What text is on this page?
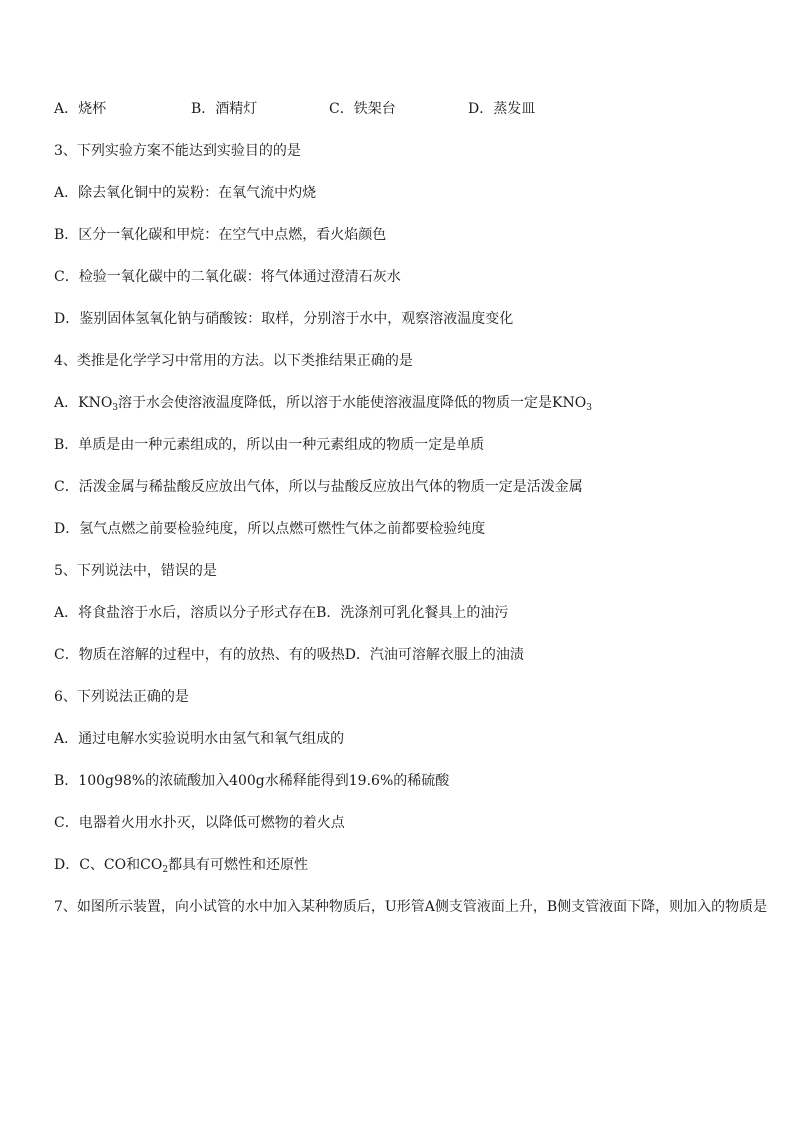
A．烧杯	B．酒精灯	C．铁架台	D．蒸发皿
3、下列实验方案不能达到实验目的的是
A．除去氧化铜中的炭粉：在氧气流中灼烧
B．区分一氧化碳和甲烷：在空气中点燃，看火焰颜色
C．检验一氧化碳中的二氧化碳：将气体通过澄清石灰水
D．鉴别固体氢氧化钠与硝酸铵：取样，分别溶于水中，观察溶液温度变化
4、类推是化学学习中常用的方法。以下类推结果正确的是
A．$KNO_3$溶于水会使溶液温度降低，所以溶于水能使溶液温度降低的物质一定是$KNO_3$
B．单质是由一种元素组成的，所以由一种元素组成的物质一定是单质
C．活泼金属与稀盐酸反应放出气体，所以与盐酸反应放出气体的物质一定是活泼金属
D．氢气点燃之前要检验纯度，所以点燃可燃性气体之前都要检验纯度
5、下列说法中，错误的是
A．将食盐溶于水后，溶质以分子形式存在B．洗涤剂可乳化餐具上的油污
C．物质在溶解的过程中，有的放热、有的吸热D．汽油可溶解衣服上的油渍
6、下列说法正确的是
A．通过电解水实验说明水由氢气和氧气组成的
B．100g98%的浓硫酸加入400g水稀释能得到19.6%的稀硫酸
C．电器着火用水扑灭，以降低可燃物的着火点
D．C、CO和$CO_2$都具有可燃性和还原性
7、如图所示装置，向小试管的水中加入某种物质后，U形管A侧支管液面上升，B侧支管液面下降，则加入的物质是
